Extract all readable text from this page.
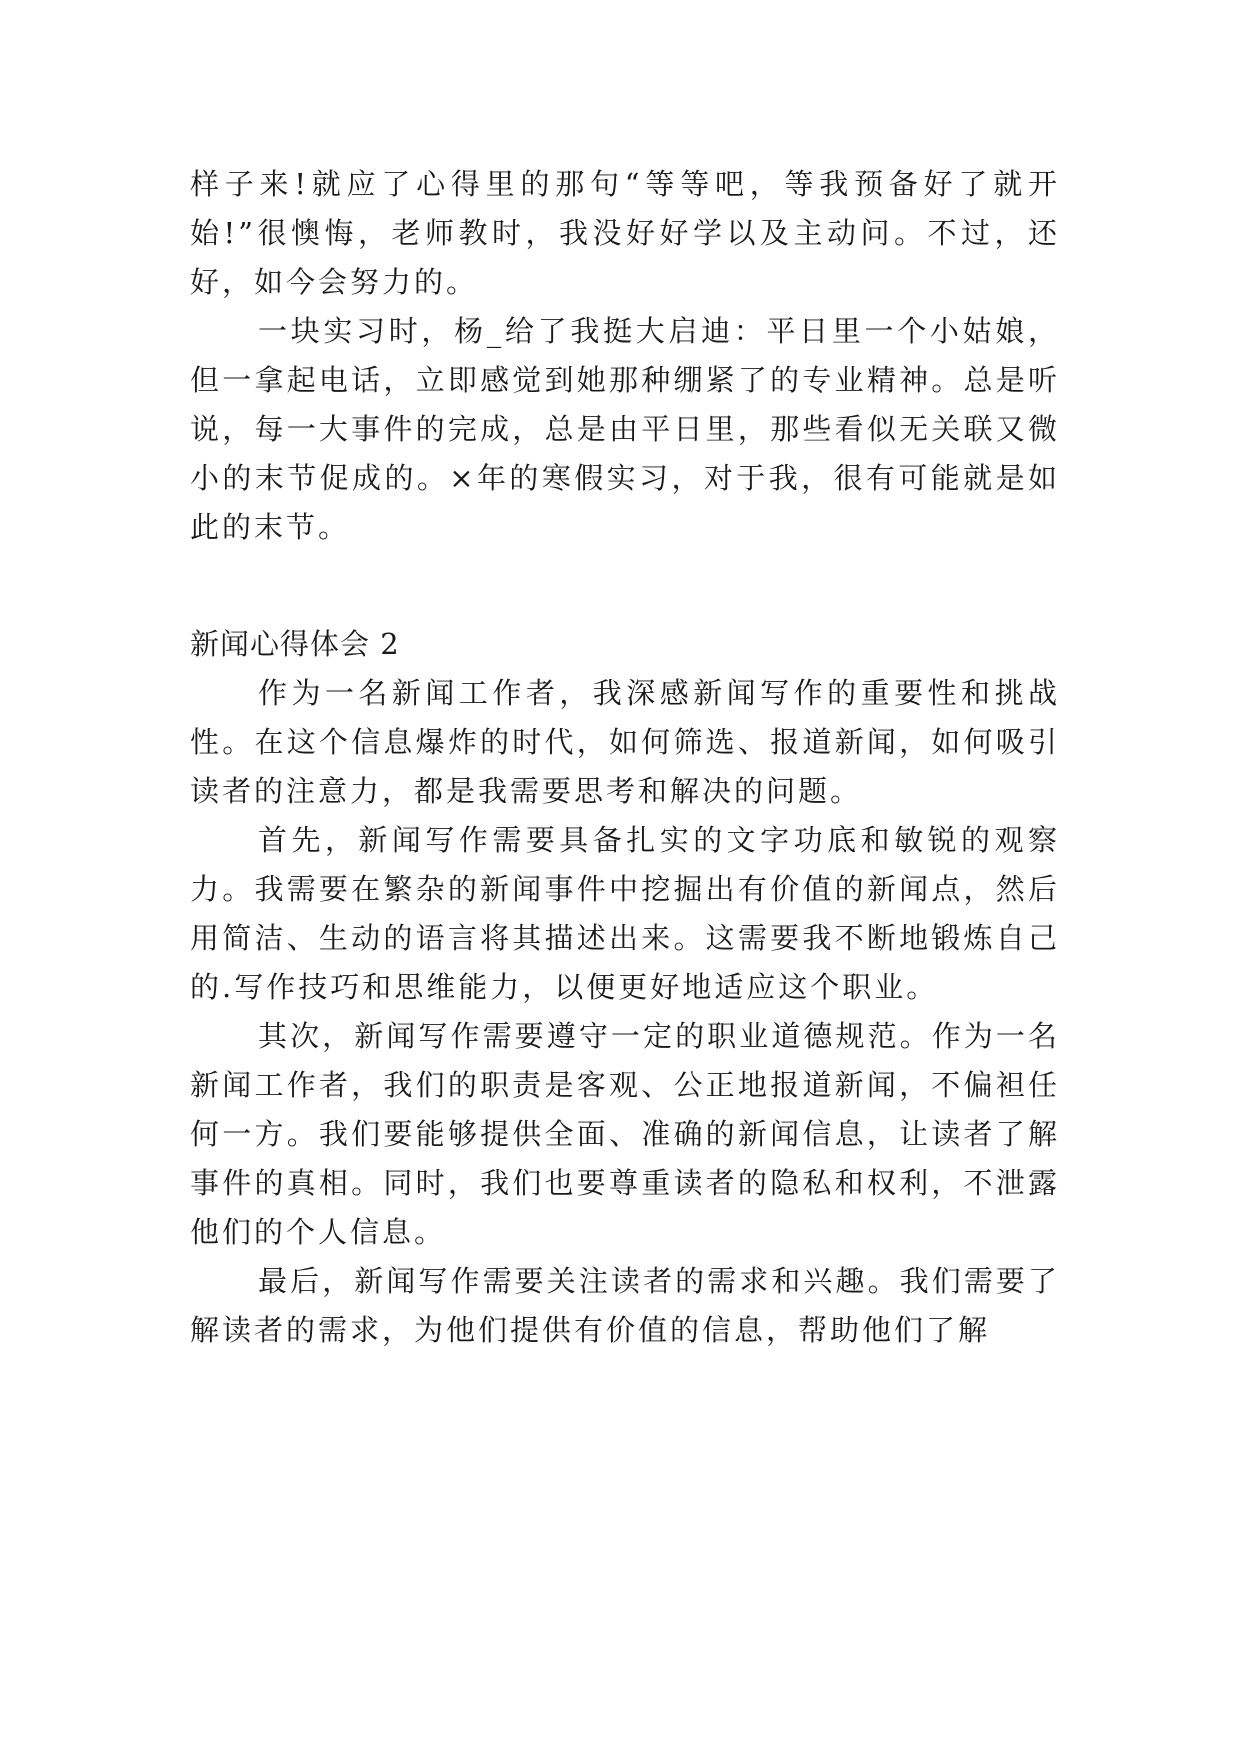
样子来!就应了心得里的那句“等等吧，等我预备好了就开始!”很懊悔，老师教时，我没好好学以及主动问。不过，还好，如今会努力的。

一块实习时，杨_给了我挺大启迪：平日里一个小姑娘，但一拿起电话，立即感觉到她那种绷紧了的专业精神。总是听说，每一大事件的完成，总是由平日里，那些看似无关联又微小的末节促成的。×年的寒假实习，对于我，很有可能就是如此的末节。

新闻心得体会 2

作为一名新闻工作者，我深感新闻写作的重要性和挑战性。在这个信息爆炸的时代，如何筛选、报道新闻，如何吸引读者的注意力，都是我需要思考和解决的问题。

首先，新闻写作需要具备扎实的文字功底和敏锐的观察力。我需要在繁杂的新闻事件中挖掘出有价值的新闻点，然后用简洁、生动的语言将其描述出来。这需要我不断地锻炼自己的.写作技巧和思维能力，以便更好地适应这个职业。

其次，新闻写作需要遵守一定的职业道德规范。作为一名新闻工作者，我们的职责是客观、公正地报道新闻，不偏袒任何一方。我们要能够提供全面、准确的新闻信息，让读者了解事件的真相。同时，我们也要尊重读者的隐私和权利，不泄露他们的个人信息。

最后，新闻写作需要关注读者的需求和兴趣。我们需要了解读者的需求，为他们提供有价值的信息，帮助他们了解
